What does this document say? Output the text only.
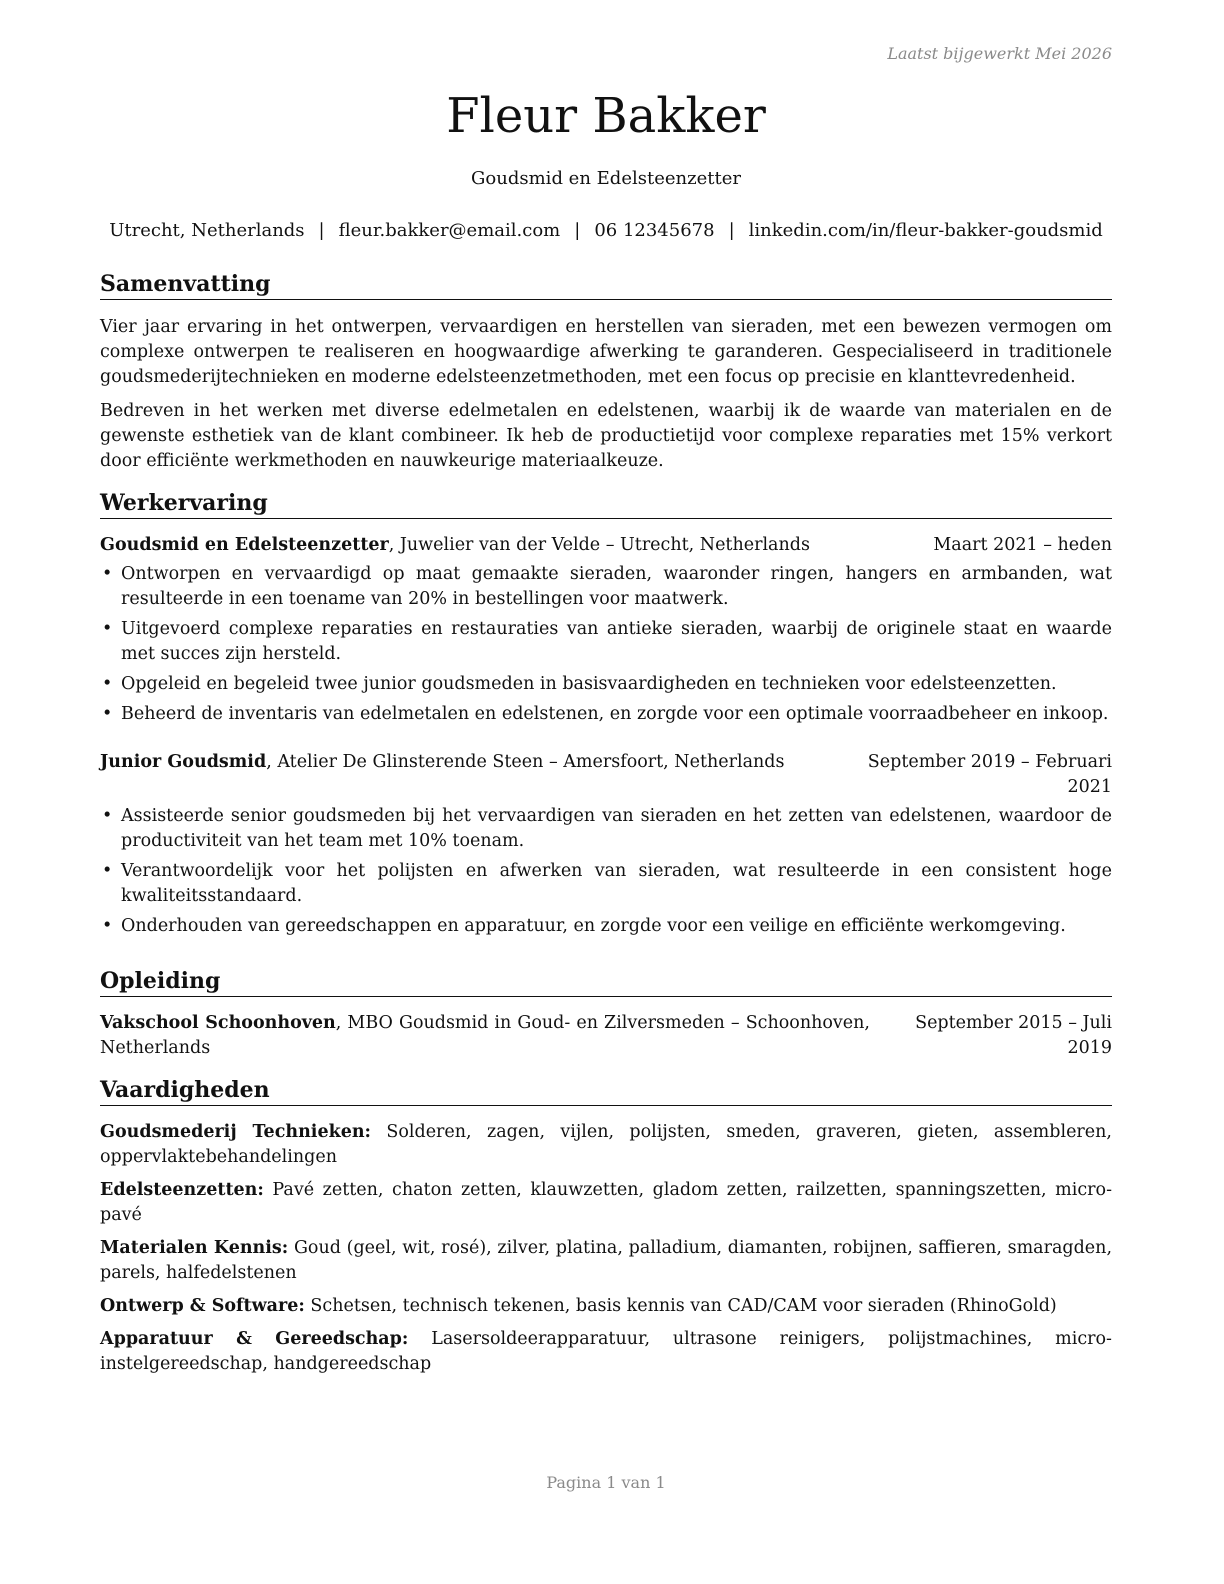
Laatst bijgewerkt Mei 2026
Fleur Bakker
Goudsmid en Edelsteenzetter
Utrecht, Netherlands | fleur.bakker@email.com | 06 12345678 | linkedin.com/in/fleur-bakker-goudsmid
Samenvatting

Vier jaar ervaring in het ontwerpen, vervaardigen en herstellen van sieraden, met een bewezen vermogen om complexe ontwerpen te realiseren en hoogwaardige afwerking te garanderen. Gespecialiseerd in traditionele goudsmederijtechnieken en moderne edelsteenzetmethoden, met een focus op precisie en klanttevredenheid.

Bedreven in het werken met diverse edelmetalen en edelstenen, waarbij ik de waarde van materialen en de gewenste esthetiek van de klant combineer. Ik heb de productietijd voor complexe reparaties met 15% verkort door efficiënte werkmethoden en nauwkeurige materiaalkeuze.

Werkervaring
Goudsmid en Edelsteenzetter, Juwelier van der Velde – Utrecht, Netherlands	Maart 2021 – heden
• Ontworpen en vervaardigd op maat gemaakte sieraden, waaronder ringen, hangers en armbanden, wat resulteerde in een toename van 20% in bestellingen voor maatwerk.
• Uitgevoerd complexe reparaties en restauraties van antieke sieraden, waarbij de originele staat en waarde met succes zijn hersteld.
• Opgeleid en begeleid twee junior goudsmeden in basisvaardigheden en technieken voor edelsteenzetten.
• Beheerd de inventaris van edelmetalen en edelstenen, en zorgde voor een optimale voorraadbeheer en inkoop.
Junior Goudsmid, Atelier De Glinsterende Steen – Amersfoort, Netherlands	September 2019 – Februari 2021
• Assisteerde senior goudsmeden bij het vervaardigen van sieraden en het zetten van edelstenen, waardoor de productiviteit van het team met 10% toenam.
• Verantwoordelijk voor het polijsten en afwerken van sieraden, wat resulteerde in een consistent hoge kwaliteitsstandaard.
• Onderhouden van gereedschappen en apparatuur, en zorgde voor een veilige en efficiënte werkomgeving.
Opleiding
Vakschool Schoonhoven, MBO Goudsmid in Goud- en Zilversmeden – Schoonhoven, Netherlands
September 2015 – Juli 2019
Vaardigheden

Goudsmederij Technieken: Solderen, zagen, vijlen, polijsten, smeden, graveren, gieten, assembleren, oppervlaktebehandelingen

Edelsteenzetten: Pavé zetten, chaton zetten, klauwzetten, gladom zetten, railzetten, spanningszetten, micro-pavé

Materialen Kennis: Goud (geel, wit, rosé), zilver, platina, palladium, diamanten, robijnen, saffieren, smaragden, parels, halfedelstenen

Ontwerp & Software: Schetsen, technisch tekenen, basis kennis van CAD/CAM voor sieraden (RhinoGold)

Apparatuur & Gereedschap: Lasersoldeerapparatuur, ultrasone reinigers, polijstmachines, micro-instelgereedschap, handgereedschap

Pagina 1 van 1
